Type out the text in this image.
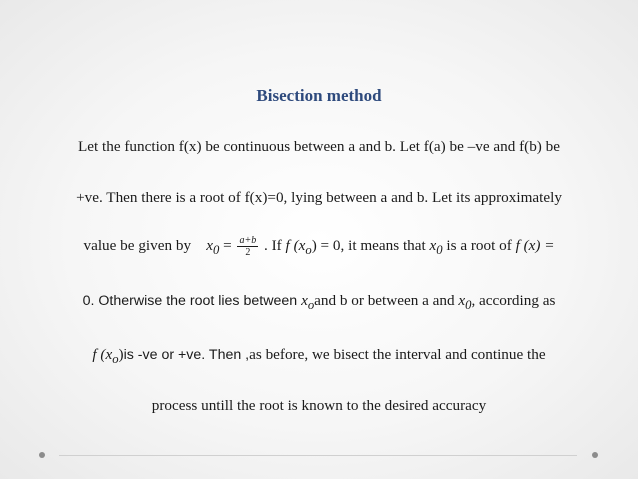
Bisection method
Let the function f(x) be continuous between a and b. Let f(a) be –ve and f(b) be
+ve. Then there is a root of f(x)=0, lying between a and b. Let its approximately
value be given by $x_0 = \frac{a+b}{2}$ . If f $(x_o) = 0$, it means that $x_0$ is a root of f (x) =
0. Otherwise the root lies between $x_oand$ b or between a and $x_0$, according as
f $(x_o)is$ -ve or +ve. Then ,as before, we bisect the interval and continue the
process untill the root is known to the desired accuracy
